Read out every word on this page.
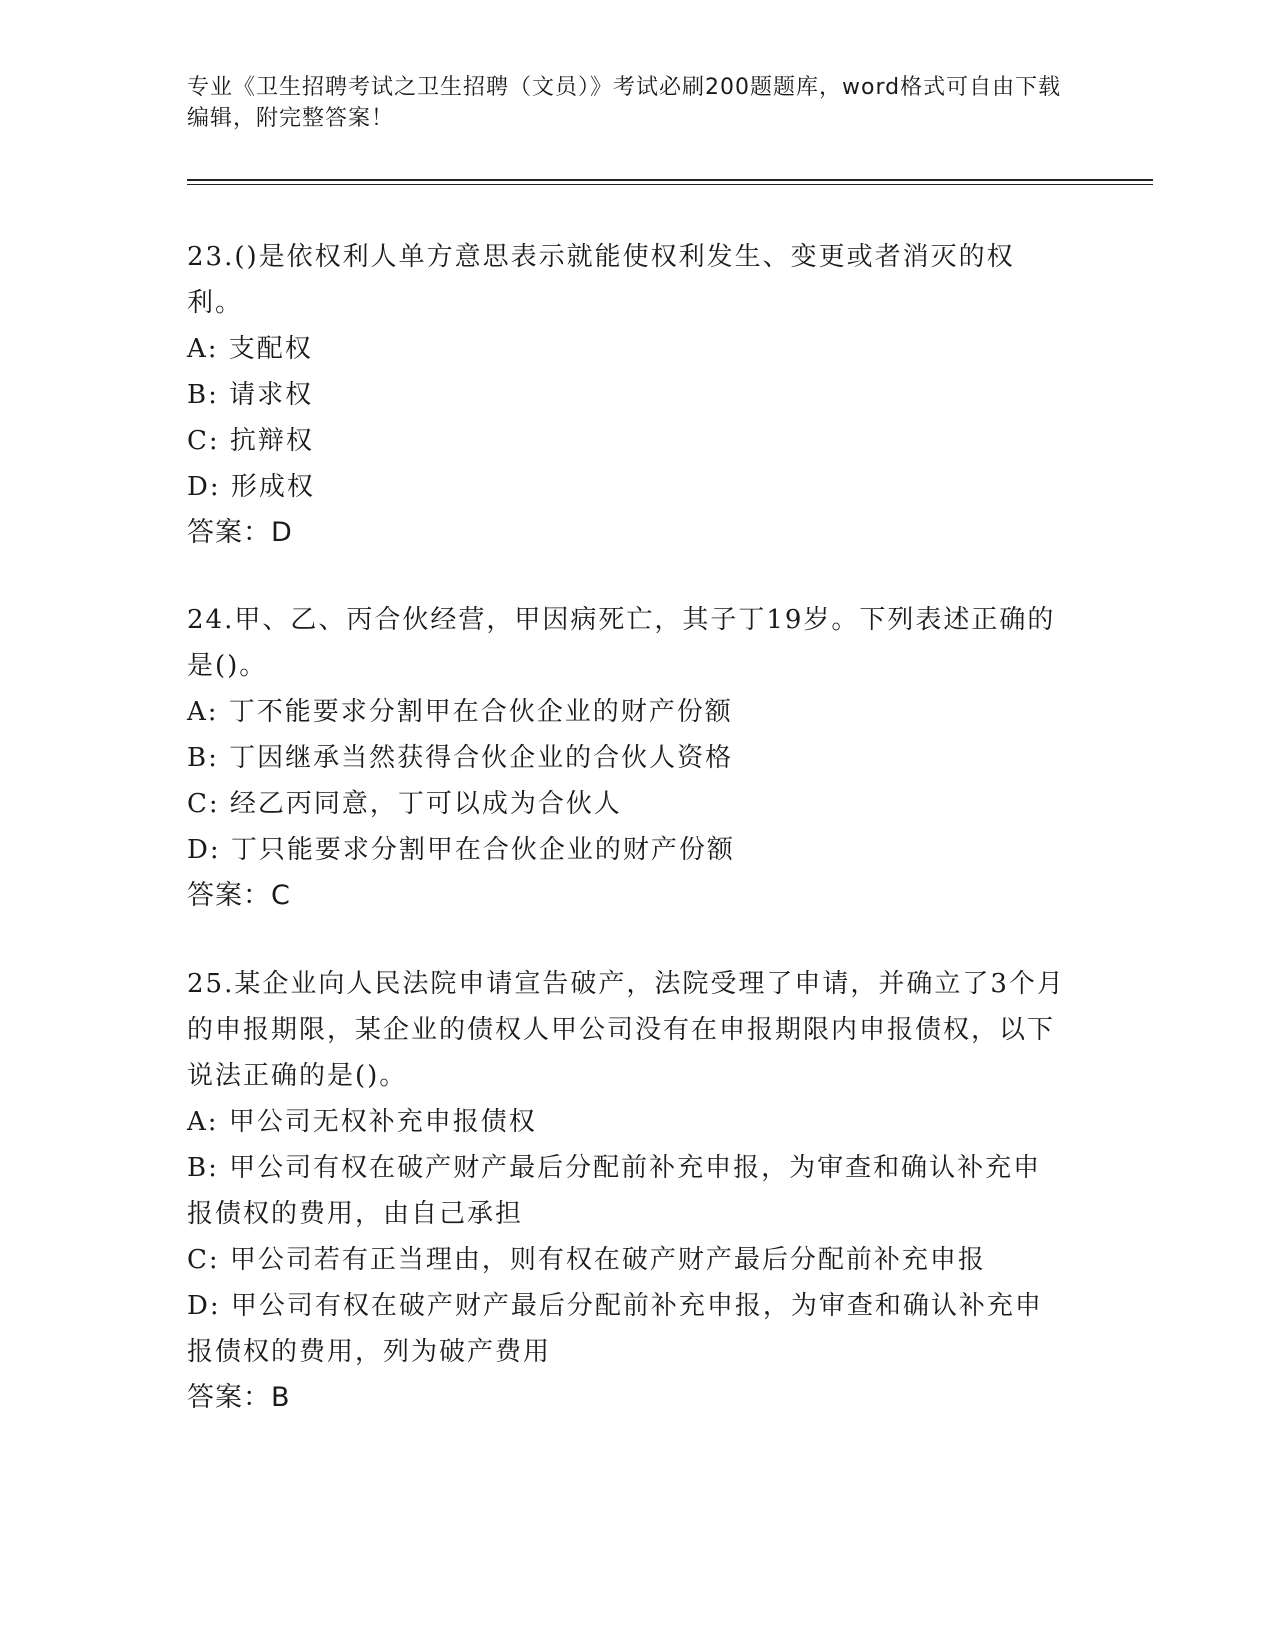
专业《卫生招聘考试之卫生招聘（文员）》考试必刷200题题库，word格式可自由下载编辑，附完整答案！

23.()是依权利人单方意思表示就能使权利发生、变更或者消灭的权利。

A: 支配权

B: 请求权

C: 抗辩权

D: 形成权

答案：D

24.甲、乙、丙合伙经营，甲因病死亡，其子丁19岁。下列表述正确的是()。

A: 丁不能要求分割甲在合伙企业的财产份额

B: 丁因继承当然获得合伙企业的合伙人资格

C: 经乙丙同意，丁可以成为合伙人

D: 丁只能要求分割甲在合伙企业的财产份额

答案：C

25.某企业向人民法院申请宣告破产，法院受理了申请，并确立了3个月的申报期限，某企业的债权人甲公司没有在申报期限内申报债权，以下说法正确的是()。

A: 甲公司无权补充申报债权

B: 甲公司有权在破产财产最后分配前补充申报，为审查和确认补充申报债权的费用，由自己承担

C: 甲公司若有正当理由，则有权在破产财产最后分配前补充申报

D: 甲公司有权在破产财产最后分配前补充申报，为审查和确认补充申报债权的费用，列为破产费用

答案：B
